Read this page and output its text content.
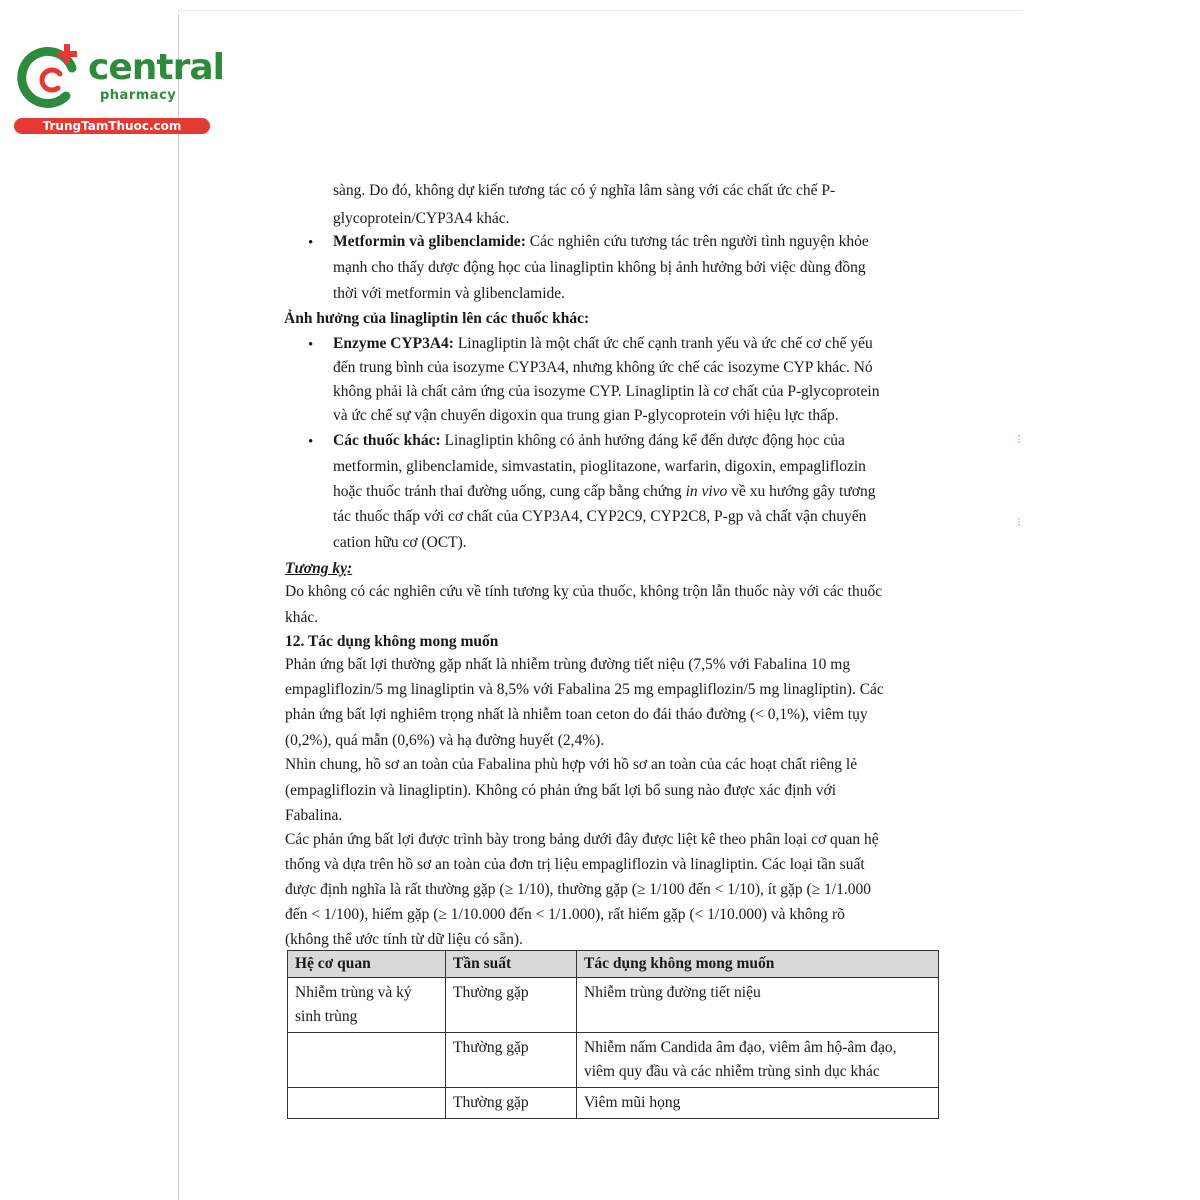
central
pharmacy
TrungTamThuoc.com
sàng. Do đó, không dự kiến tương tác có ý nghĩa lâm sàng với các chất ức chế P-
glycoprotein/CYP3A4 khác.
• Metformin và glibenclamide: Các nghiên cứu tương tác trên người tình nguyện khỏe
mạnh cho thấy dược động học của linagliptin không bị ảnh hưởng bởi việc dùng đồng
thời với metformin và glibenclamide.
Ảnh hưởng của linagliptin lên các thuốc khác:
• Enzyme CYP3A4: Linagliptin là một chất ức chế cạnh tranh yếu và ức chế cơ chế yếu
đến trung bình của isozyme CYP3A4, nhưng không ức chế các isozyme CYP khác. Nó
không phải là chất cảm ứng của isozyme CYP. Linagliptin là cơ chất của P-glycoprotein
và ức chế sự vận chuyển digoxin qua trung gian P-glycoprotein với hiệu lực thấp.
• Các thuốc khác: Linagliptin không có ảnh hưởng đáng kể đến dược động học của
metformin, glibenclamide, simvastatin, pioglitazone, warfarin, digoxin, empagliflozin
hoặc thuốc tránh thai đường uống, cung cấp bằng chứng in vivo về xu hướng gây tương
tác thuốc thấp với cơ chất của CYP3A4, CYP2C9, CYP2C8, P-gp và chất vận chuyển
cation hữu cơ (OCT).
Tương kỵ:
Do không có các nghiên cứu về tính tương kỵ của thuốc, không trộn lẫn thuốc này với các thuốc
khác.
12. Tác dụng không mong muốn
Phản ứng bất lợi thường gặp nhất là nhiễm trùng đường tiết niệu (7,5% với Fabalina 10 mg
empagliflozin/5 mg linagliptin và 8,5% với Fabalina 25 mg empagliflozin/5 mg linagliptin). Các
phản ứng bất lợi nghiêm trọng nhất là nhiễm toan ceton do đái tháo đường (< 0,1%), viêm tụy
(0,2%), quá mẫn (0,6%) và hạ đường huyết (2,4%).
Nhìn chung, hồ sơ an toàn của Fabalina phù hợp với hồ sơ an toàn của các hoạt chất riêng lẻ
(empagliflozin và linagliptin). Không có phản ứng bất lợi bổ sung nào được xác định với
Fabalina.
Các phản ứng bất lợi được trình bày trong bảng dưới đây được liệt kê theo phân loại cơ quan hệ
thống và dựa trên hồ sơ an toàn của đơn trị liệu empagliflozin và linagliptin. Các loại tần suất
được định nghĩa là rất thường gặp (≥ 1/10), thường gặp (≥ 1/100 đến < 1/10), ít gặp (≥ 1/1.000
đến < 1/100), hiếm gặp (≥ 1/10.000 đến < 1/1.000), rất hiếm gặp (< 1/10.000) và không rõ
(không thể ước tính từ dữ liệu có sẵn).
Hệ cơ quan	Tần suất	Tác dụng không mong muốn
Nhiễm trùng và ký sinh trùng	Thường gặp	Nhiễm trùng đường tiết niệu
	Thường gặp	Nhiễm nấm Candida âm đạo, viêm âm hộ-âm đạo, viêm quy đầu và các nhiễm trùng sinh dục khác
	Thường gặp	Viêm mũi họng
⁝
⁝
